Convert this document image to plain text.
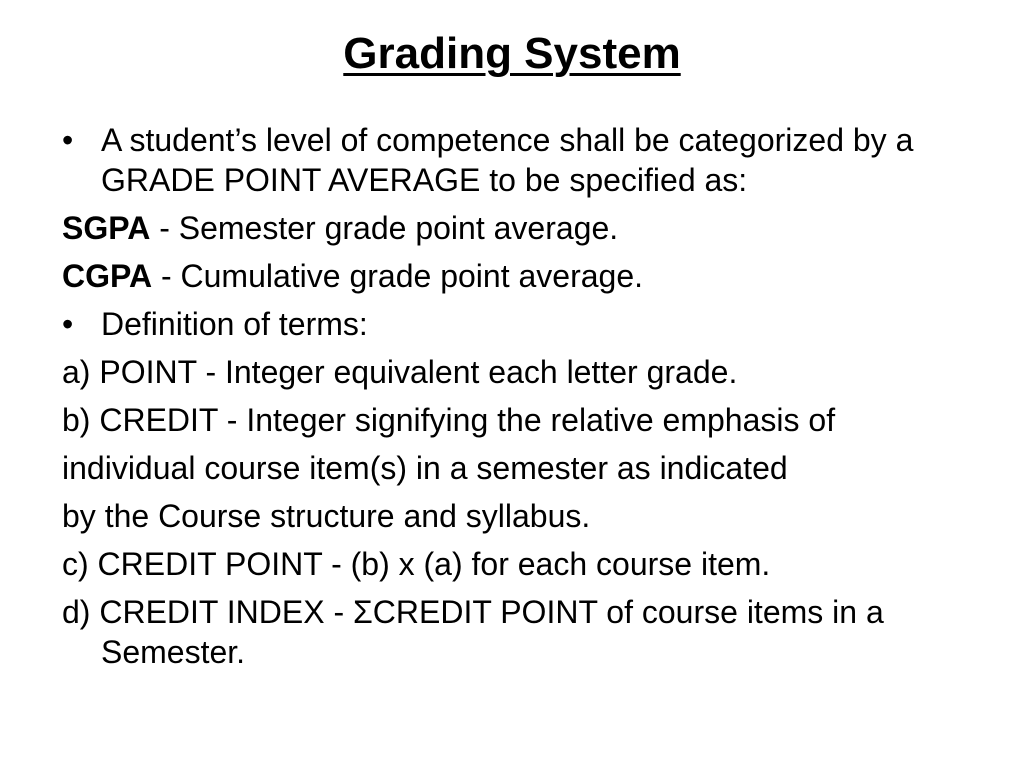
Grading System
• A student’s level of competence shall be categorized by a GRADE POINT AVERAGE to be specified as:
SGPA - Semester grade point average.
CGPA - Cumulative grade point average.
• Definition of terms:
a) POINT - Integer equivalent each letter grade.
b) CREDIT - Integer signifying the relative emphasis of
individual course item(s) in a semester as indicated
by the Course structure and syllabus.
c) CREDIT POINT - (b) x (a) for each course item.
d) CREDIT INDEX - ΣCREDIT POINT of course items in a Semester.
